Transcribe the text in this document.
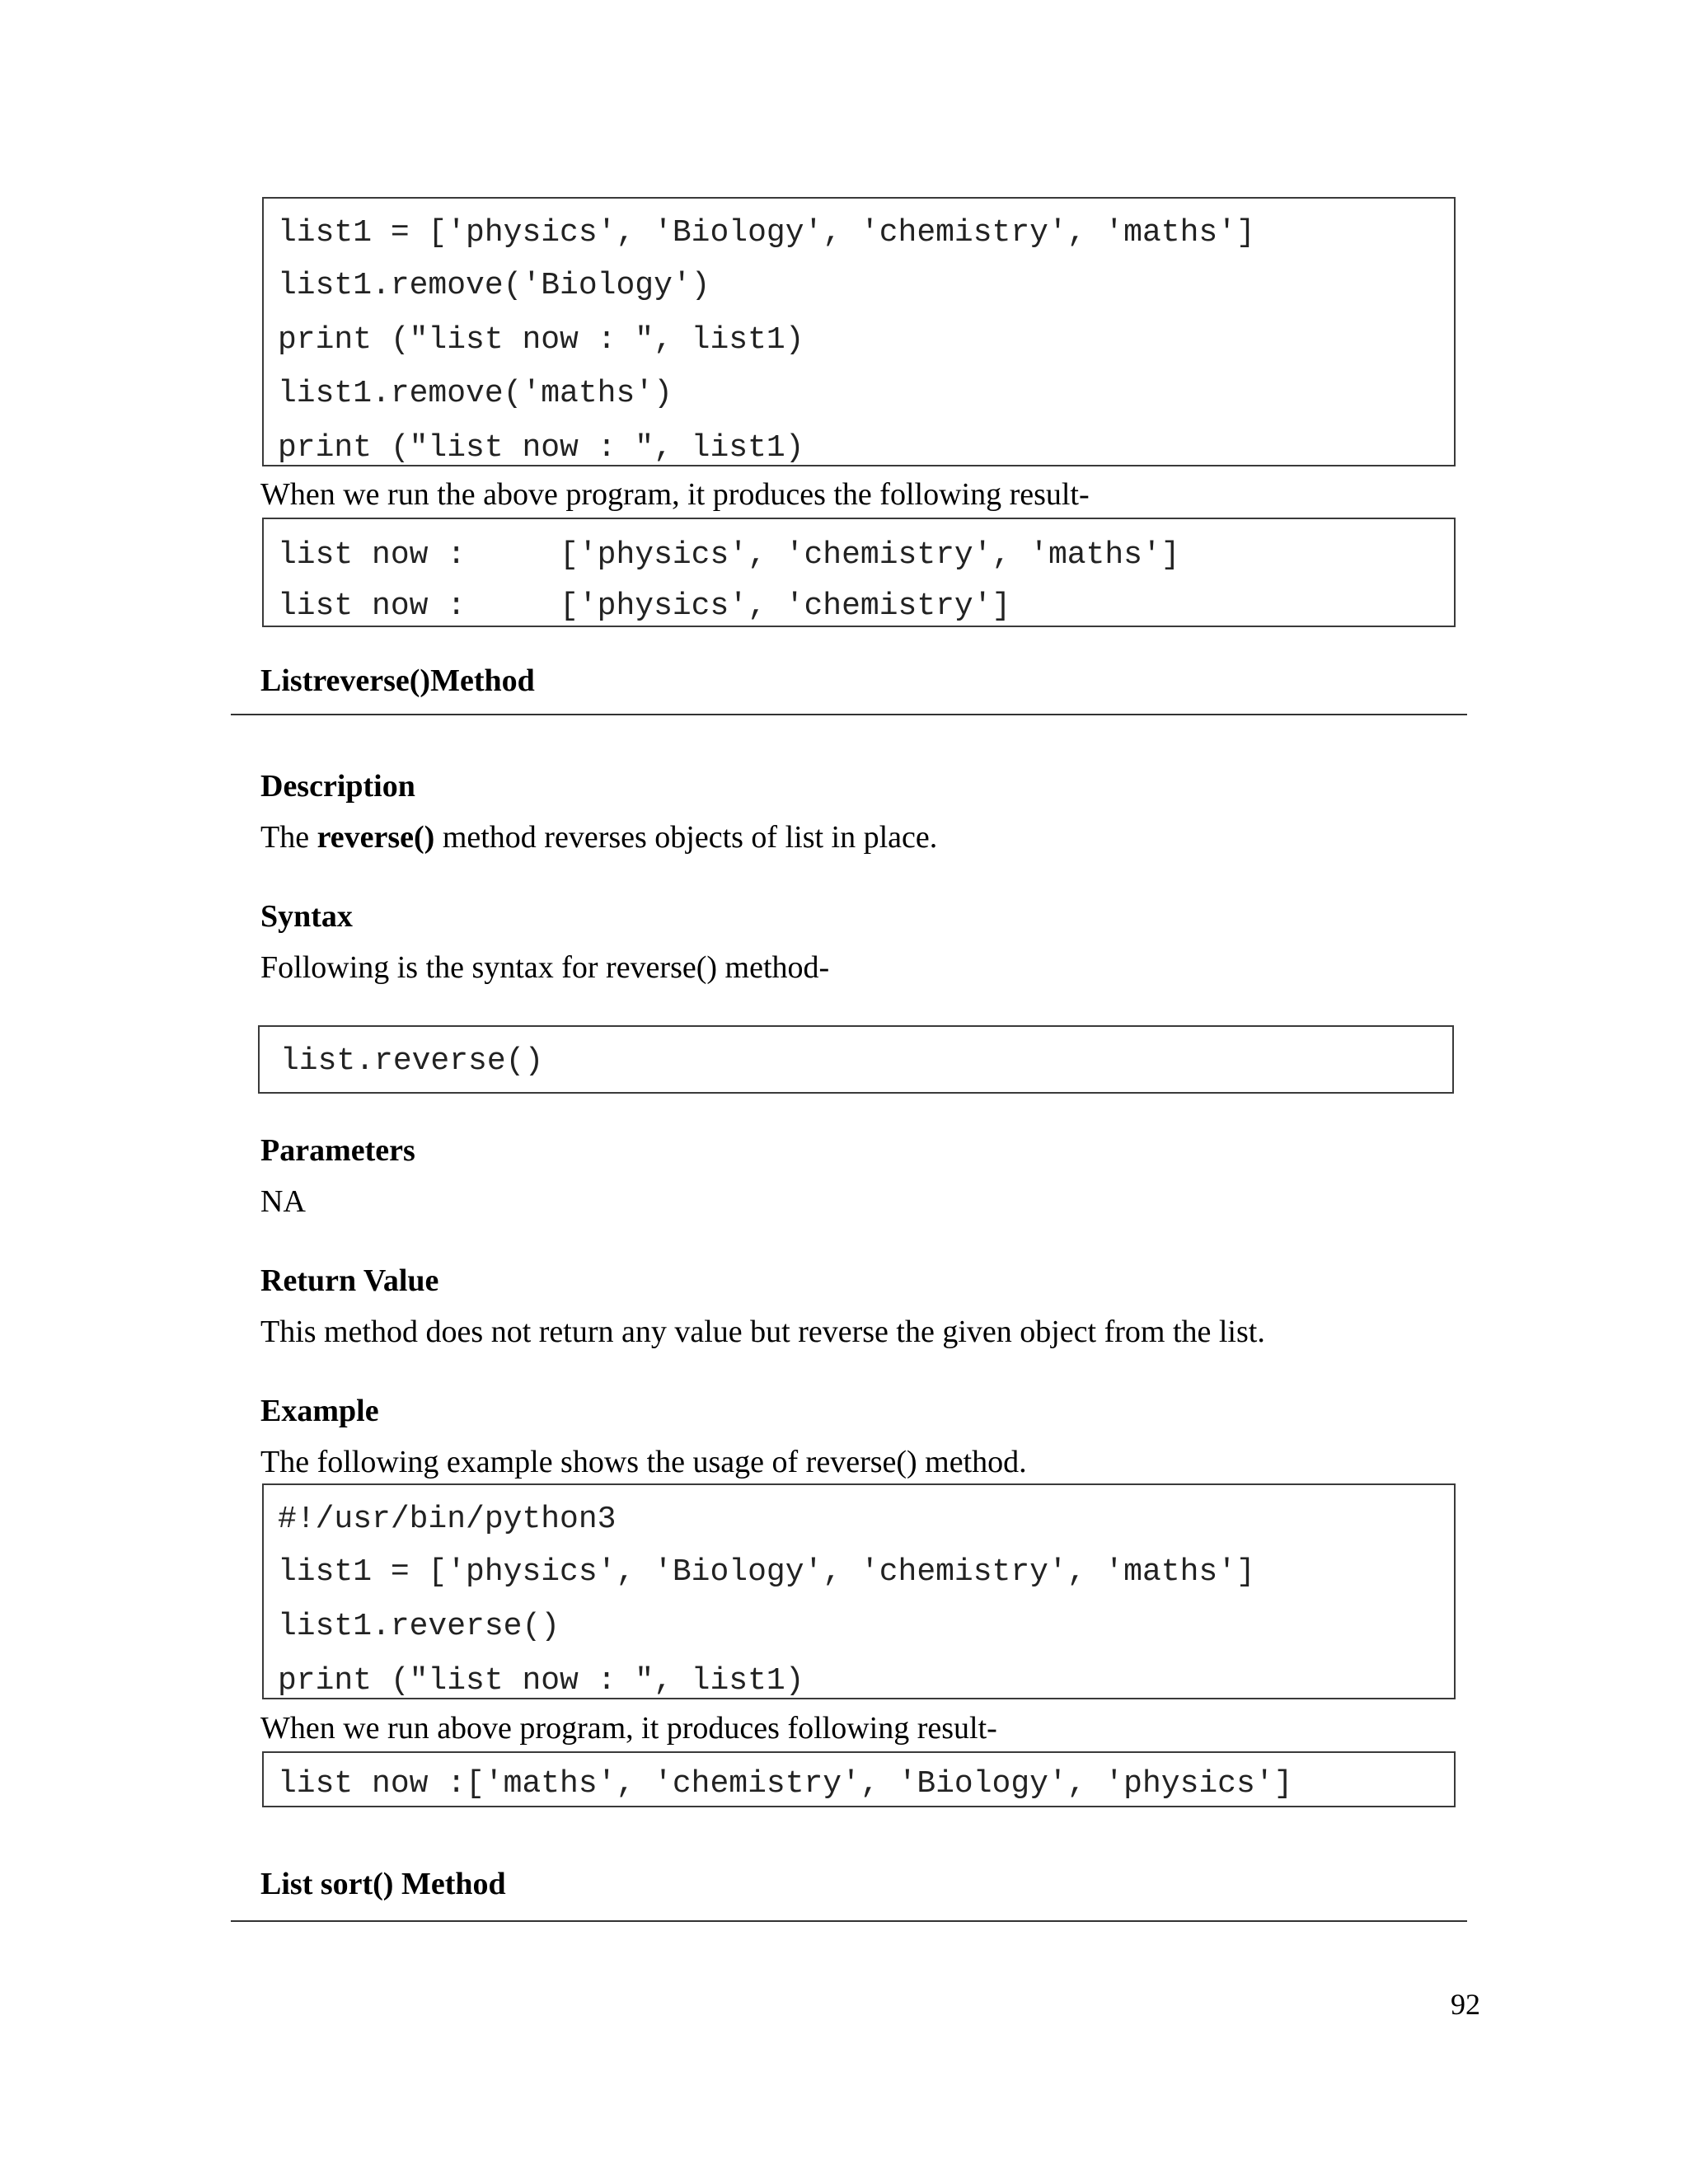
list1 = ['physics', 'Biology', 'chemistry', 'maths']
list1.remove('Biology')
print ("list now : ", list1)
list1.remove('maths')
print ("list now : ", list1)
When we run the above program, it produces the following result-
list now :     ['physics', 'chemistry', 'maths']
list now :     ['physics', 'chemistry']
Listreverse()Method
Description
The reverse() method reverses objects of list in place.
Syntax
Following is the syntax for reverse() method-
list.reverse()
Parameters
NA
Return Value
This method does not return any value but reverse the given object from the list.
Example
The following example shows the usage of reverse() method.
#!/usr/bin/python3
list1 = ['physics', 'Biology', 'chemistry', 'maths']
list1.reverse()
print ("list now : ", list1)
When we run above program, it produces following result-
list now :['maths', 'chemistry', 'Biology', 'physics']
List sort() Method
92
